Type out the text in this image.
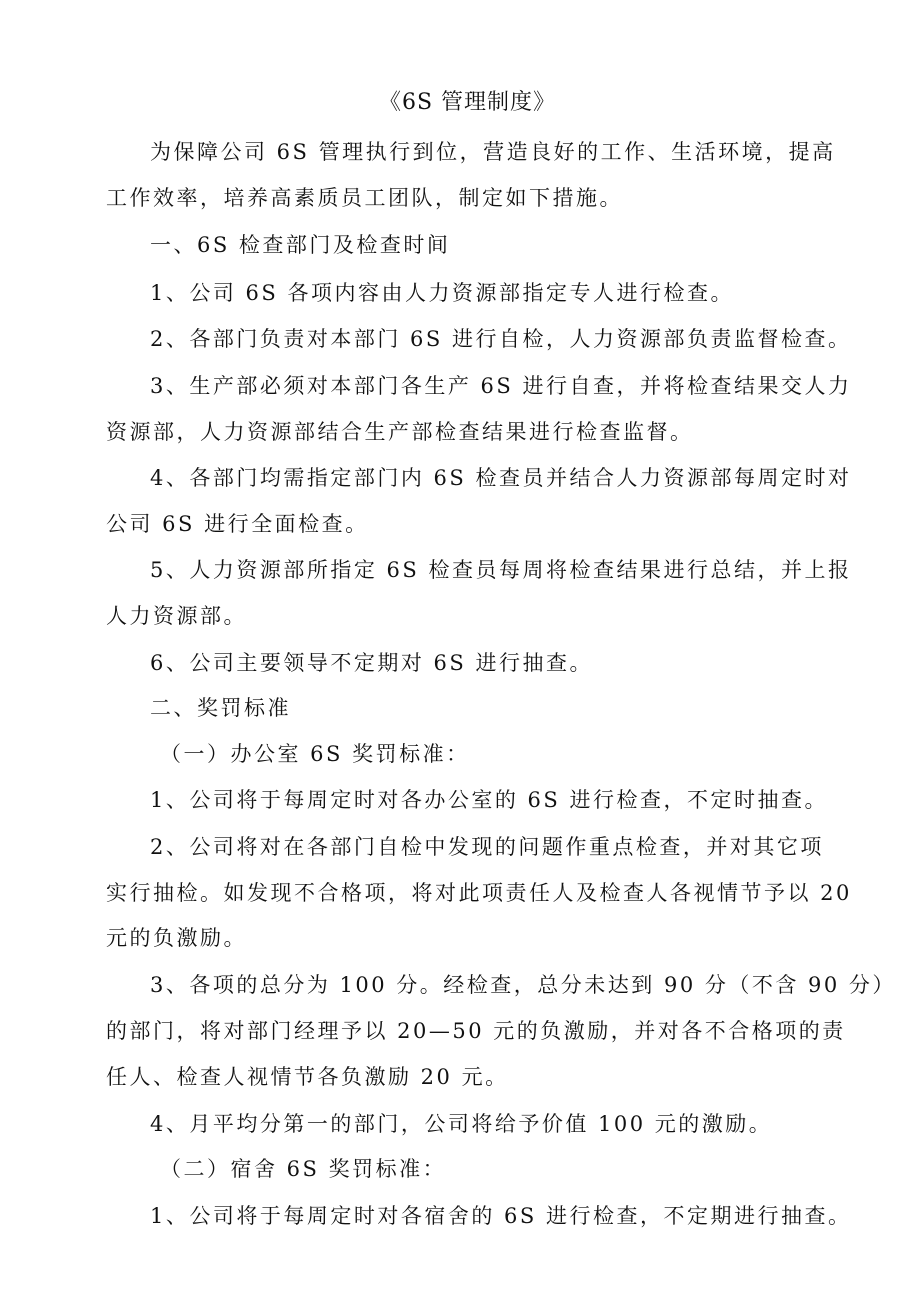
《6S 管理制度》
为保障公司 6S 管理执行到位，营造良好的工作、生活环境，提高
工作效率，培养高素质员工团队，制定如下措施。
一、6S 检查部门及检查时间
1、公司 6S 各项内容由人力资源部指定专人进行检查。
2、各部门负责对本部门 6S 进行自检，人力资源部负责监督检查。
3、生产部必须对本部门各生产 6S 进行自查，并将检查结果交人力
资源部，人力资源部结合生产部检查结果进行检查监督。
4、各部门均需指定部门内 6S 检查员并结合人力资源部每周定时对
公司 6S 进行全面检查。
5、人力资源部所指定 6S 检查员每周将检查结果进行总结，并上报
人力资源部。
6、公司主要领导不定期对 6S 进行抽查。
二、奖罚标准
（一）办公室 6S 奖罚标准：
1、公司将于每周定时对各办公室的 6S 进行检查，不定时抽查。
2、公司将对在各部门自检中发现的问题作重点检查，并对其它项
实行抽检。如发现不合格项，将对此项责任人及检查人各视情节予以 20
元的负激励。
3、各项的总分为 100 分。经检查，总分未达到 90 分（不含 90 分）
的部门，将对部门经理予以 20—50 元的负激励，并对各不合格项的责
任人、检查人视情节各负激励 20 元。
4、月平均分第一的部门，公司将给予价值 100 元的激励。
（二）宿舍 6S 奖罚标准：
1、公司将于每周定时对各宿舍的 6S 进行检查，不定期进行抽查。
